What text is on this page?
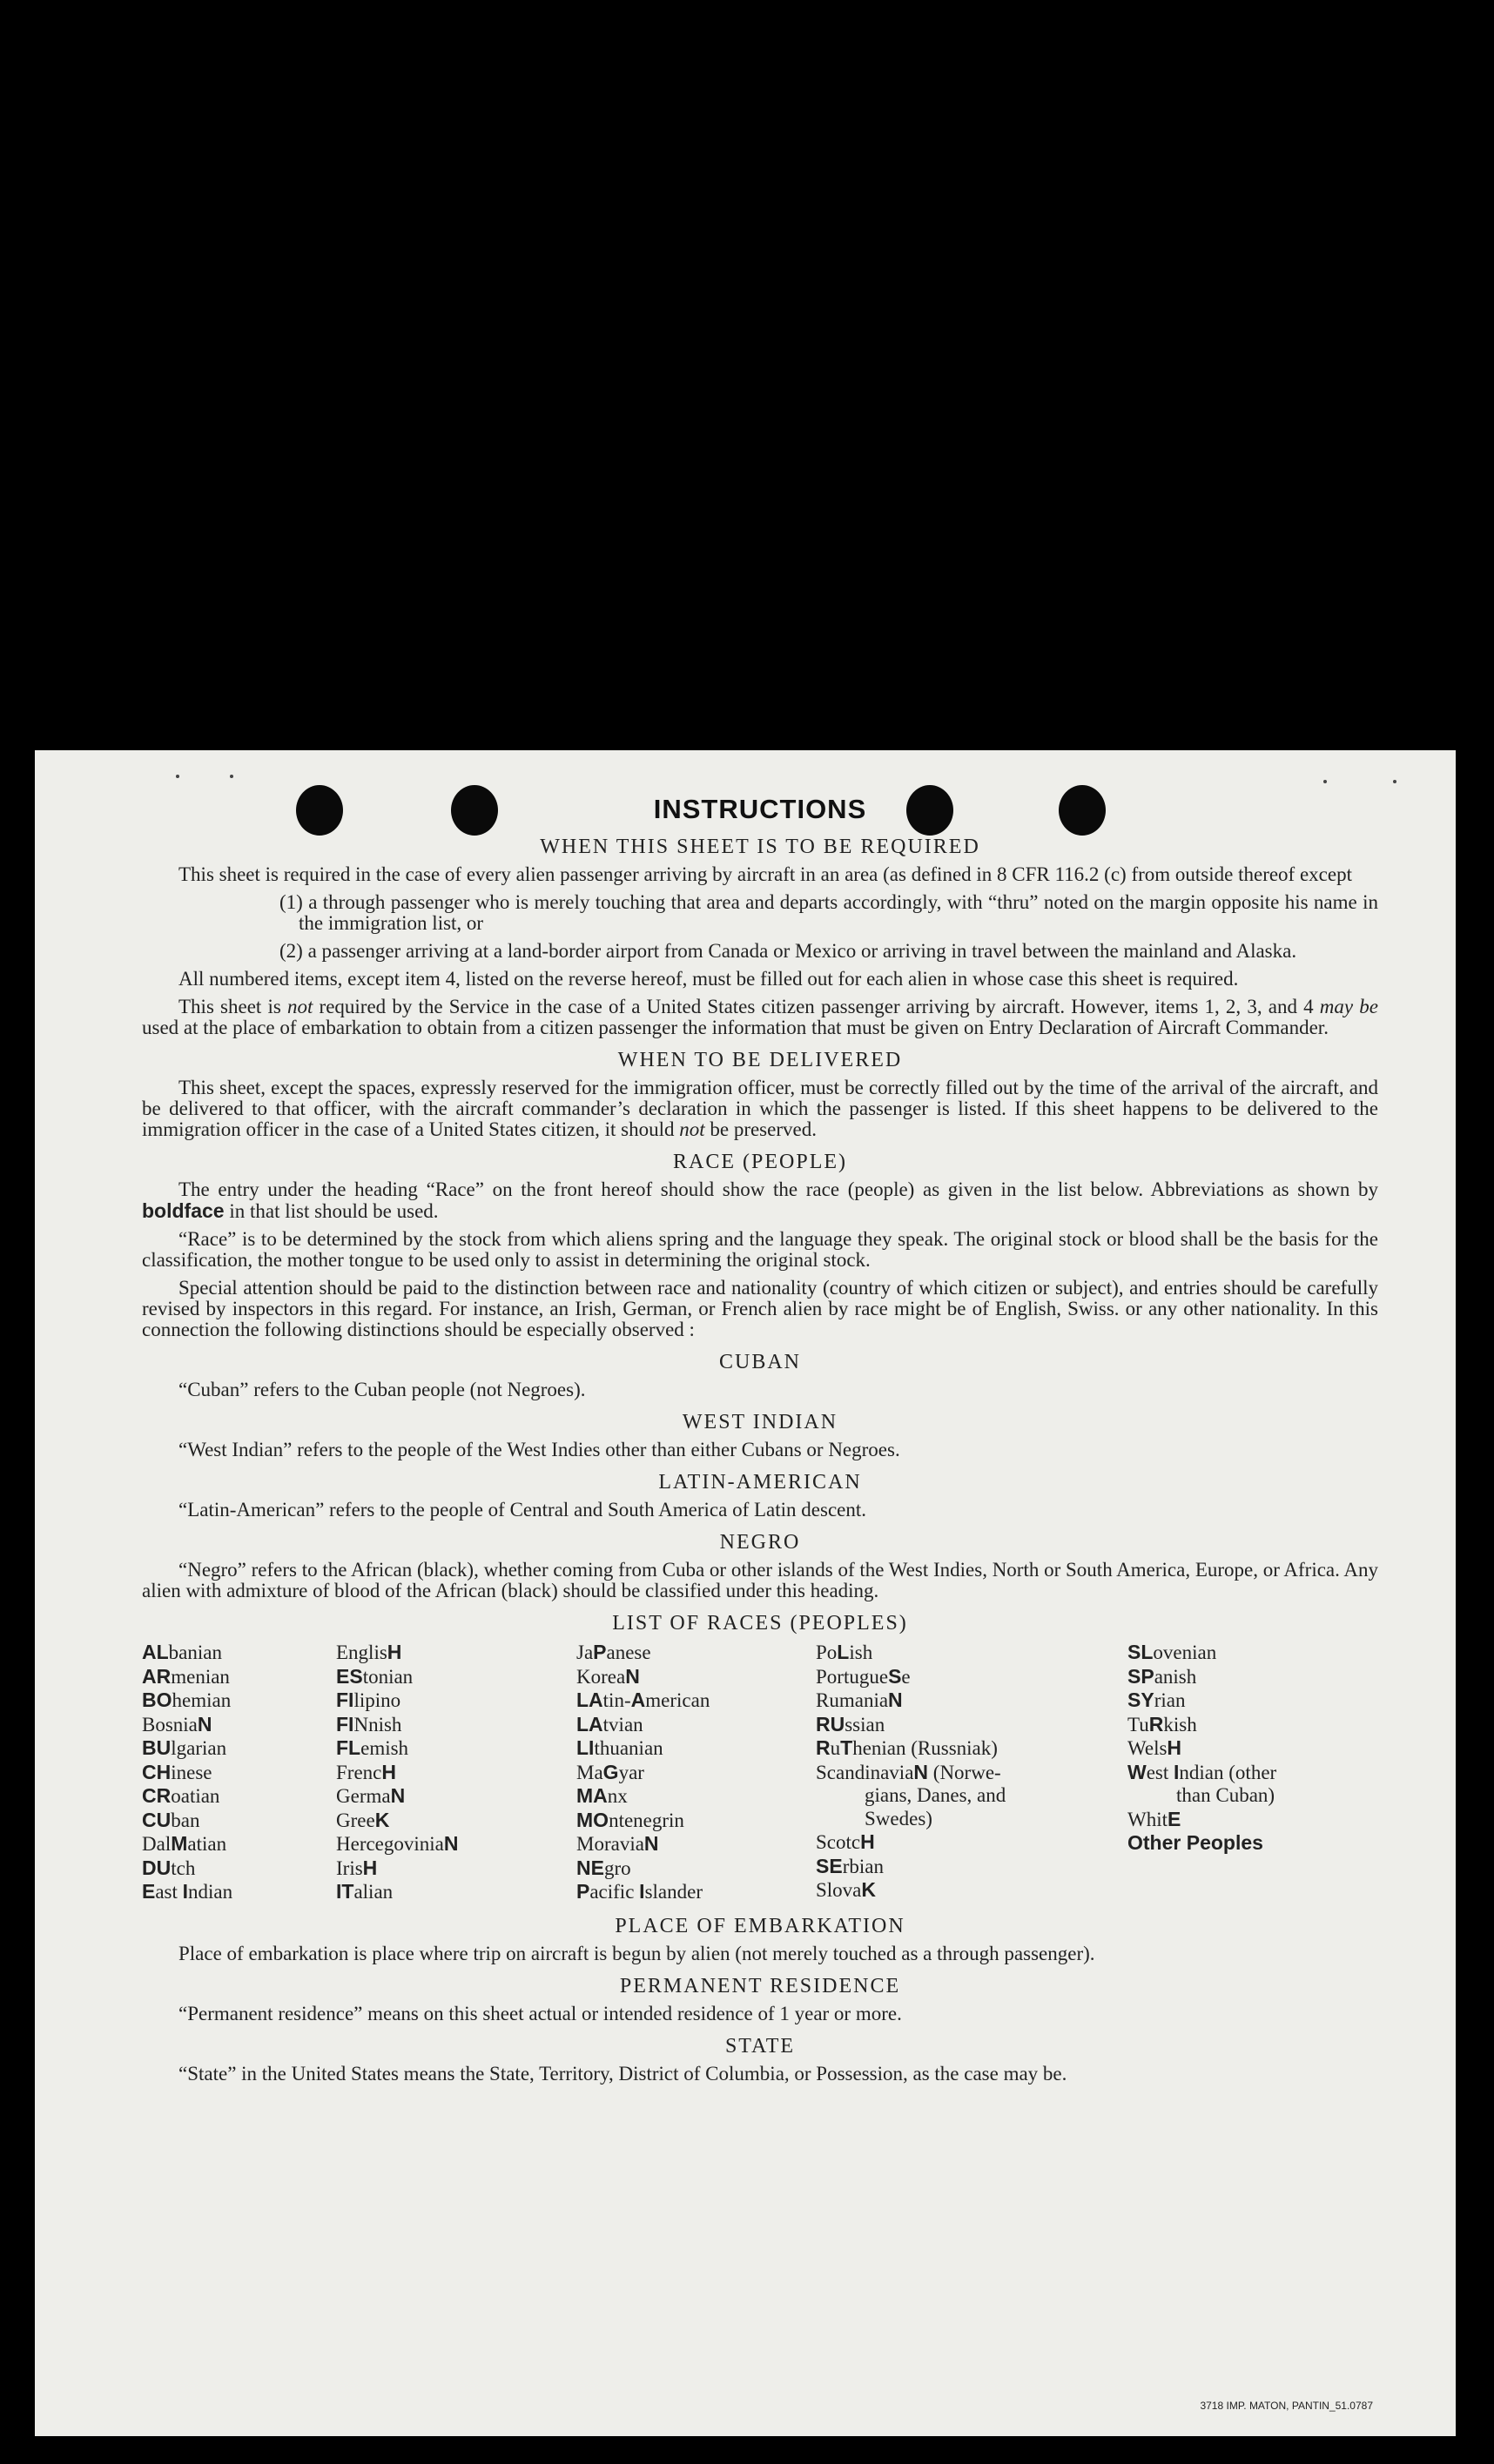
INSTRUCTIONS
WHEN THIS SHEET IS TO BE REQUIRED

This sheet is required in the case of every alien passenger arriving by aircraft in an area (as defined in 8 CFR 116.2 (c) from outside thereof except

(1) a through passenger who is merely touching that area and departs accordingly, with “thru” noted on the margin opposite his name in the immigration list, or

(2) a passenger arriving at a land-border airport from Canada or Mexico or arriving in travel between the mainland and Alaska.

All numbered items, except item 4, listed on the reverse hereof, must be filled out for each alien in whose case this sheet is required.

This sheet is not required by the Service in the case of a United States citizen passenger arriving by aircraft. However, items 1, 2, 3, and 4 may be used at the place of embarkation to obtain from a citizen passenger the information that must be given on Entry Declaration of Aircraft Commander.

WHEN TO BE DELIVERED

This sheet, except the spaces, expressly reserved for the immigration officer, must be correctly filled out by the time of the arrival of the aircraft, and be delivered to that officer, with the aircraft commander’s declaration in which the passenger is listed. If this sheet happens to be delivered to the immigration officer in the case of a United States citizen, it should not be preserved.

RACE (PEOPLE)

The entry under the heading “Race” on the front hereof should show the race (people) as given in the list below. Abbreviations as shown by boldface in that list should be used.

“Race” is to be determined by the stock from which aliens spring and the language they speak. The original stock or blood shall be the basis for the classification, the mother tongue to be used only to assist in determining the original stock.

Special attention should be paid to the distinction between race and nationality (country of which citizen or subject), and entries should be carefully revised by inspectors in this regard. For instance, an Irish, German, or French alien by race might be of English, Swiss. or any other nationality. In this connection the following distinctions should be especially observed :

CUBAN

“Cuban” refers to the Cuban people (not Negroes).

WEST INDIAN

“West Indian” refers to the people of the West Indies other than either Cubans or Negroes.

LATIN-AMERICAN

“Latin-American” refers to the people of Central and South America of Latin descent.

NEGRO

“Negro” refers to the African (black), whether coming from Cuba or other islands of the West Indies, North or South America, Europe, or Africa. Any alien with admixture of blood of the African (black) should be classified under this heading.

LIST OF RACES (PEOPLES)
ALbanian
ARmenian
BOhemian
BosniaN
BUlgarian
CHinese
CRoatian
CUban
DalMatian
DUtch
East Indian
EnglisH
EStonian
FIlipino
FINnish
FLemish
FrencH
GermaN
GreeK
HercegoviniaN
IrisH
ITalian
JaPanese
KoreaN
LAtin-American
LAtvian
LIthuanian
MaGyar
MAnx
MOntenegrin
MoraviaN
NEgro
Pacific Islander
PoLish
PortugueSe
RumaniaN
RUssian
RuThenian (Russniak)
ScandinaviaN (Norwe-
gians, Danes, and
Swedes)
ScotcH
SErbian
SlovaK
SLovenian
SPanish
SYrian
TuRkish
WelsH
West Indian (other
than Cuban)
WhitE
Other Peoples
PLACE OF EMBARKATION

Place of embarkation is place where trip on aircraft is begun by alien (not merely touched as a through passenger).

PERMANENT RESIDENCE

“Permanent residence” means on this sheet actual or intended residence of 1 year or more.

STATE

“State” in the United States means the State, Territory, District of Columbia, or Possession, as the case may be.

3718 IMP. MATON, PANTIN_51.0787
